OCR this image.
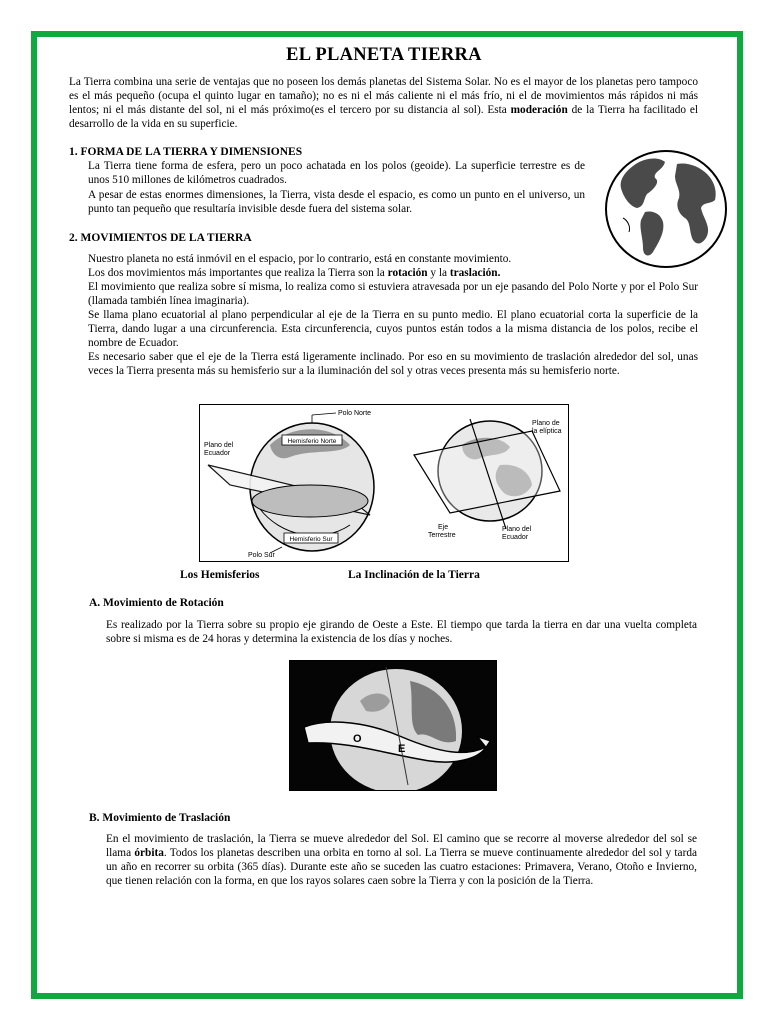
EL PLANETA TIERRA
La Tierra combina una serie de ventajas que no poseen los demás planetas del Sistema Solar. No es el mayor de los planetas pero tampoco es el más pequeño (ocupa el quinto lugar en tamaño); no es ni el más caliente ni el más frío, ni el de movimientos más rápidos ni más lentos; ni el más distante del sol, ni el más próximo(es el tercero por su distancia al sol). Esta moderación de la Tierra ha facilitado el desarrollo de la vida en su superficie.
1. FORMA DE LA TIERRA Y DIMENSIONES
La Tierra tiene forma de esfera, pero un poco achatada en los polos (geoide). La superficie terrestre es de unos 510 millones de kilómetros cuadrados.
A pesar de estas enormes dimensiones, la Tierra, vista desde el espacio, es como un punto en el universo, un punto tan pequeño que resultaría invisible desde fuera del sistema solar.
2. MOVIMIENTOS DE LA TIERRA
Nuestro planeta no está inmóvil en el espacio, por lo contrario, está en constante movimiento.
Los dos movimientos más importantes que realiza la Tierra son la rotación y la traslación.
El movimiento que realiza sobre sí misma, lo realiza como si estuviera atravesada por un eje pasando del Polo Norte y por el Polo Sur (llamada también línea imaginaria).
Se llama plano ecuatorial al plano perpendicular al eje de la Tierra en su punto medio. El plano ecuatorial corta la superficie de la Tierra, dando lugar a una circunferencia. Esta circunferencia, cuyos puntos están todos a la misma distancia de los polos, recibe el nombre de Ecuador.
Es necesario saber que el eje de la Tierra está ligeramente inclinado. Por eso en su movimiento de traslación alrededor del sol, unas veces la Tierra presenta más su hemisferio sur a la iluminación del sol y otras veces presenta más su hemisferio norte.
Hemisferio Norte
Hemisferio Sur
Polo Norte
Plano del Ecuador
Polo Sur
Plano de la elíptica
Eje Terrestre
Plano del Ecuador
Los Hemisferios	La Inclinación de la Tierra
A. Movimiento de Rotación
Es realizado por la Tierra sobre su propio eje girando de Oeste a Este. El tiempo que tarda la tierra en dar una vuelta completa sobre si misma es de 24 horas y determina la existencia de los días y noches.
O
E
B. Movimiento de Traslación
En el movimiento de traslación, la Tierra se mueve alrededor del Sol. El camino que se recorre al moverse alrededor del sol se llama órbita. Todos los planetas describen una orbita en torno al sol. La Tierra se mueve continuamente alrededor del sol y tarda un año en recorrer su orbita (365 días). Durante este año se suceden las cuatro estaciones: Primavera, Verano, Otoño e Invierno, que tienen relación con la forma, en que los rayos solares caen sobre la Tierra y con la posición de la Tierra.
